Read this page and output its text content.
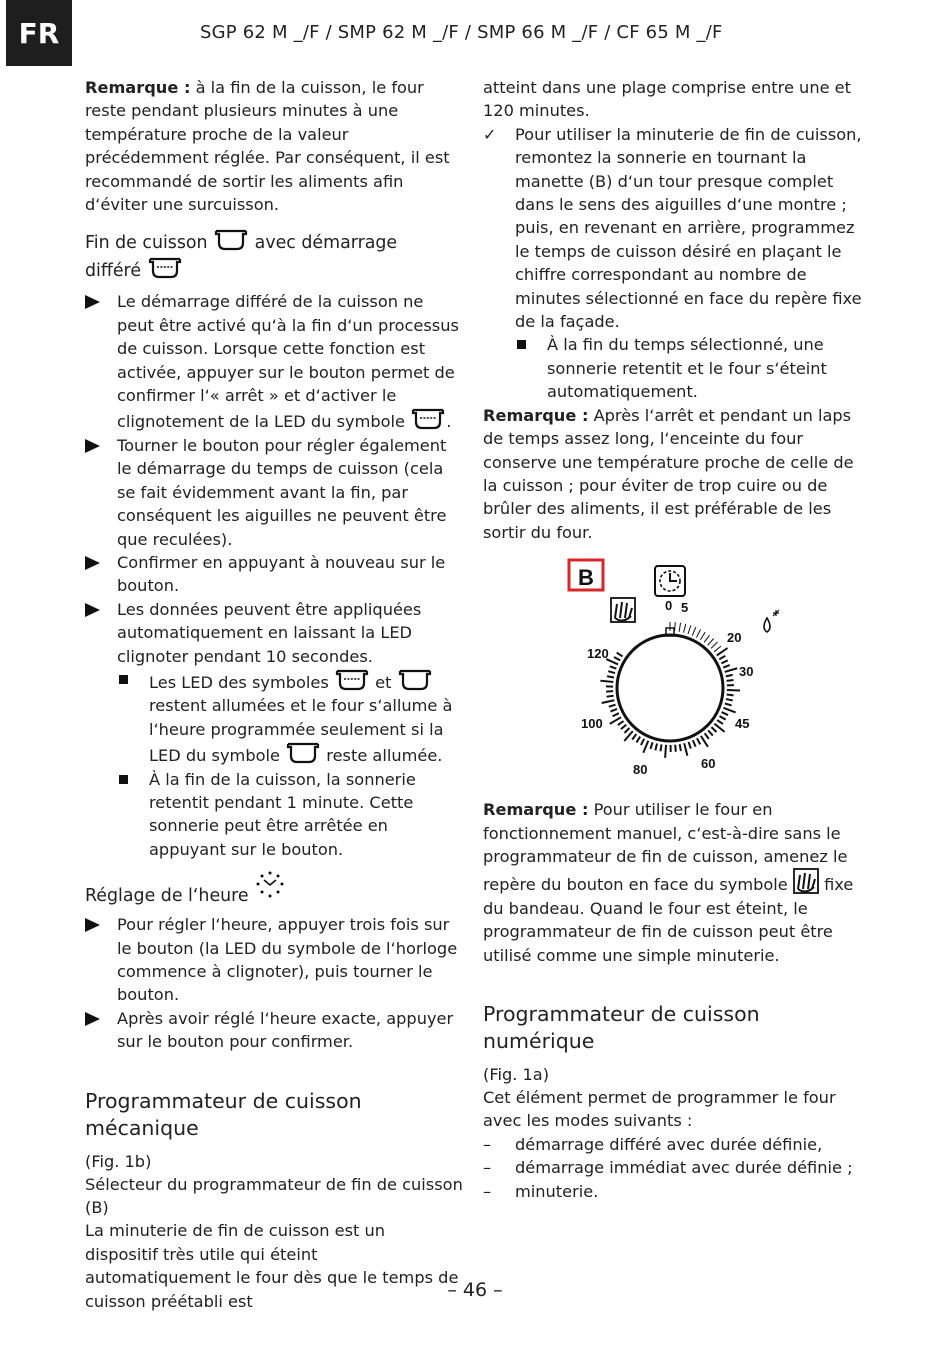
FR	SGP 62 M _/F / SMP 62 M _/F / SMP 66 M _/F / CF 65 M _/F

Remarque : à la fin de la cuisson, le four reste pendant plusieurs minutes à une température proche de la valeur précédemment réglée. Par conséquent, il est recommandé de sortir les aliments afin d‘éviter une surcuisson.

Fin de cuisson	avec démarrage
différé
Le démarrage différé de la cuisson ne peut être activé qu‘à la fin d‘un processus de cuisson. Lorsque cette fonction est activée, appuyer sur le bouton permet de confirmer l‘« arrêt » et d‘activer le clignotement de la LED du symbole	.
Tourner le bouton pour régler également le démarrage du temps de cuisson (cela se fait évidemment avant la fin, par conséquent les aiguilles ne peuvent être que reculées).
Confirmer en appuyant à nouveau sur le bouton.
Les données peuvent être appliquées automatiquement en laissant la LED clignoter pendant 10 secondes.
Les LED des symboles	et  restent allumées et le four s‘allume à l‘heure programmée seulement si la LED du symbole	reste allumée.
À la fin de la cuisson, la sonnerie retentit pendant 1 minute. Cette sonnerie peut être arrêtée en appuyant sur le bouton.
Réglage de l‘heure
Pour régler l‘heure, appuyer trois fois sur le bouton (la LED du symbole de l‘horloge commence à clignoter), puis tourner le bouton.
Après avoir réglé l‘heure exacte, appuyer sur le bouton pour confirmer.
Programmateur de cuisson mécanique
(Fig. 1b)
Sélecteur du programmateur de fin de cuisson (B)

La minuterie de fin de cuisson est un dispositif très utile qui éteint automatiquement le four dès que le temps de cuisson préétabli est

atteint dans une plage comprise entre une et 120 minutes.

✓ Pour utiliser la minuterie de fin de cuisson, remontez la sonnerie en tournant la manette (B) d‘un tour presque complet dans le sens des aiguilles d‘une montre ; puis, en revenant en arrière, programmez le temps de cuisson désiré en plaçant le chiffre correspondant au nombre de minutes sélectionné en face du repère fixe de la façade.
À la fin du temps sélectionné, une sonnerie retentit et le four s‘éteint automatiquement.

Remarque : Après l‘arrêt et pendant un laps de temps assez long, l‘enceinte du four conserve une température proche de celle de la cuisson ; pour éviter de trop cuire ou de brûler des aliments, il est préférable de les sortir du four.

B
0 5
20
30
45
60
80
100
120

Remarque : Pour utiliser le four en fonctionnement manuel, c‘est-à-dire sans le programmateur de fin de cuisson, amenez le repère du bouton en face du symbole fixe du bandeau. Quand le four est éteint, le programmateur de fin de cuisson peut être utilisé comme une simple minuterie.

Programmateur de cuisson numérique
(Fig. 1a)

Cet élément permet de programmer le four avec les modes suivants :

– démarrage différé avec durée définie,
– démarrage immédiat avec durée définie ;
– minuterie.
– 46 –
